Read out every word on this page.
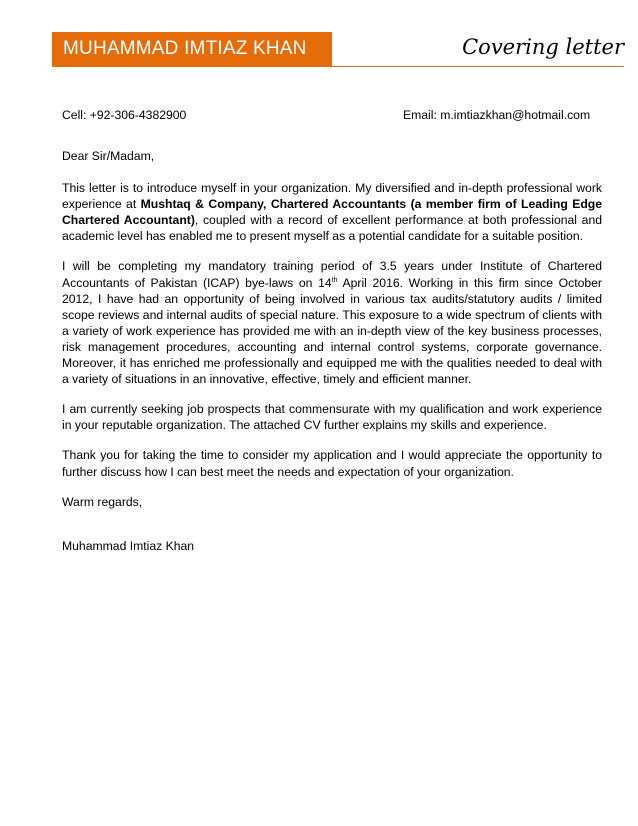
MUHAMMAD IMTIAZ KHAN	Covering letter
Cell: +92-306-4382900	Email: m.imtiazkhan@hotmail.com

Dear Sir/Madam,

This letter is to introduce myself in your organization. My diversified and in-depth professional work experience at Mushtaq & Company, Chartered Accountants (a member firm of Leading Edge Chartered Accountant), coupled with a record of excellent performance at both professional and academic level has enabled me to present myself as a potential candidate for a suitable position.

I will be completing my mandatory training period of 3.5 years under Institute of Chartered Accountants of Pakistan (ICAP) bye-laws on 14th April 2016. Working in this firm since October 2012, I have had an opportunity of being involved in various tax audits/statutory audits / limited scope reviews and internal audits of special nature. This exposure to a wide spectrum of clients with a variety of work experience has provided me with an in-depth view of the key business processes, risk management procedures, accounting and internal control systems, corporate governance. Moreover, it has enriched me professionally and equipped me with the qualities needed to deal with a variety of situations in an innovative, effective, timely and efficient manner.

I am currently seeking job prospects that commensurate with my qualification and work experience in your reputable organization. The attached CV further explains my skills and experience.

Thank you for taking the time to consider my application and I would appreciate the opportunity to further discuss how I can best meet the needs and expectation of your organization.

Warm regards,

Muhammad Imtiaz Khan
